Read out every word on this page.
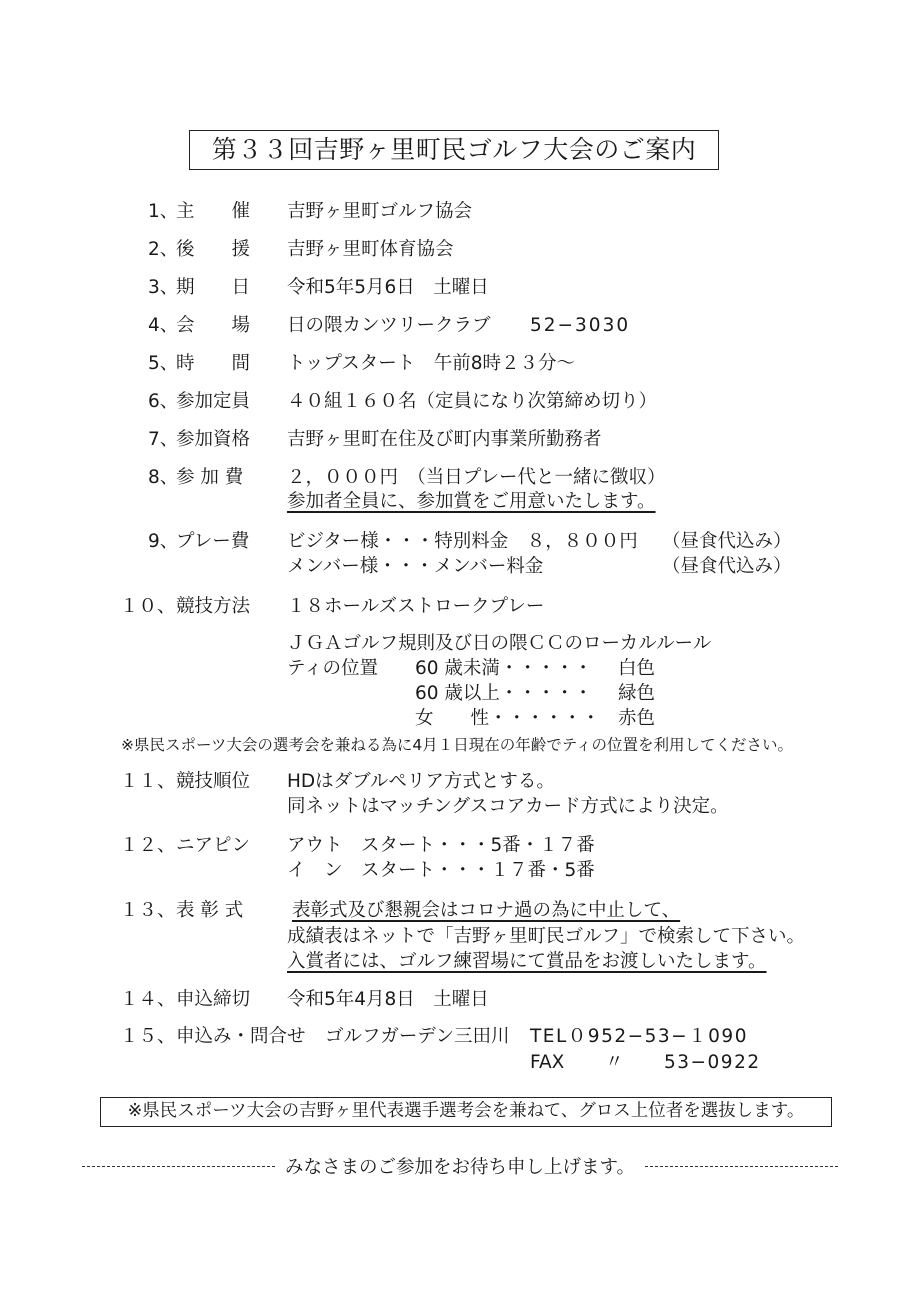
第３３回吉野ヶ里町民ゴルフ大会のご案内
1、
主　　催 吉野ヶ里町ゴルフ協会
2、
後　　援 吉野ヶ里町体育協会
3、
期　　日 令和5年5月6日　土曜日
4、
会　　場 日の隈カンツリークラブ 52−3030
5、
時　　間 トップスタート　午前8時２３分〜
6、
参加定員 ４０組１６０名（定員になり次第締め切り）
7、
参加資格 吉野ヶ里町在住及び町内事業所勤務者
8、
参 加 費 ２，０００円　（当日プレー代と一緒に徴収）
参加者全員に、参加賞をご用意いたします。
9、
プレー費 ビジター様・・・特別料金　８，８００円 （昼食代込み）
メンバー様・・・メンバー料金	（昼食代込み）
１０、 競技方法 １８ホールズストロークプレー
ＪＧＡゴルフ規則及び日の隈ＣＣのローカルルール
ティの位置 60 歳未満・・・・・ 白色
60 歳以上・・・・・ 緑色
女　　性・・・・・・ 赤色
※県民スポーツ大会の選考会を兼ねる為に4月１日現在の年齢でティの位置を利用してください。
１１、 競技順位 HDはダブルペリア方式とする。
同ネットはマッチングスコアカード方式により決定。
１２、 ニアピン アウト　スタート・・・5番・１７番
イ　ン　スタート・・・１７番・5番
１３、 表 彰 式	表彰式及び懇親会はコロナ過の為に中止して、
成績表はネットで「吉野ヶ里町民ゴルフ」で検索して下さい。
入賞者には、ゴルフ練習場にて賞品をお渡しいたします。
１４、 申込締切 令和5年4月8日　土曜日
１５、 申込み・問合せ ゴルフガーデン三田川 TEL０952−53−１090
FAX 〃 53−0922
※県民スポーツ大会の吉野ヶ里代表選手選考会を兼ねて、グロス上位者を選抜します。
みなさまのご参加をお待ち申し上げます。
